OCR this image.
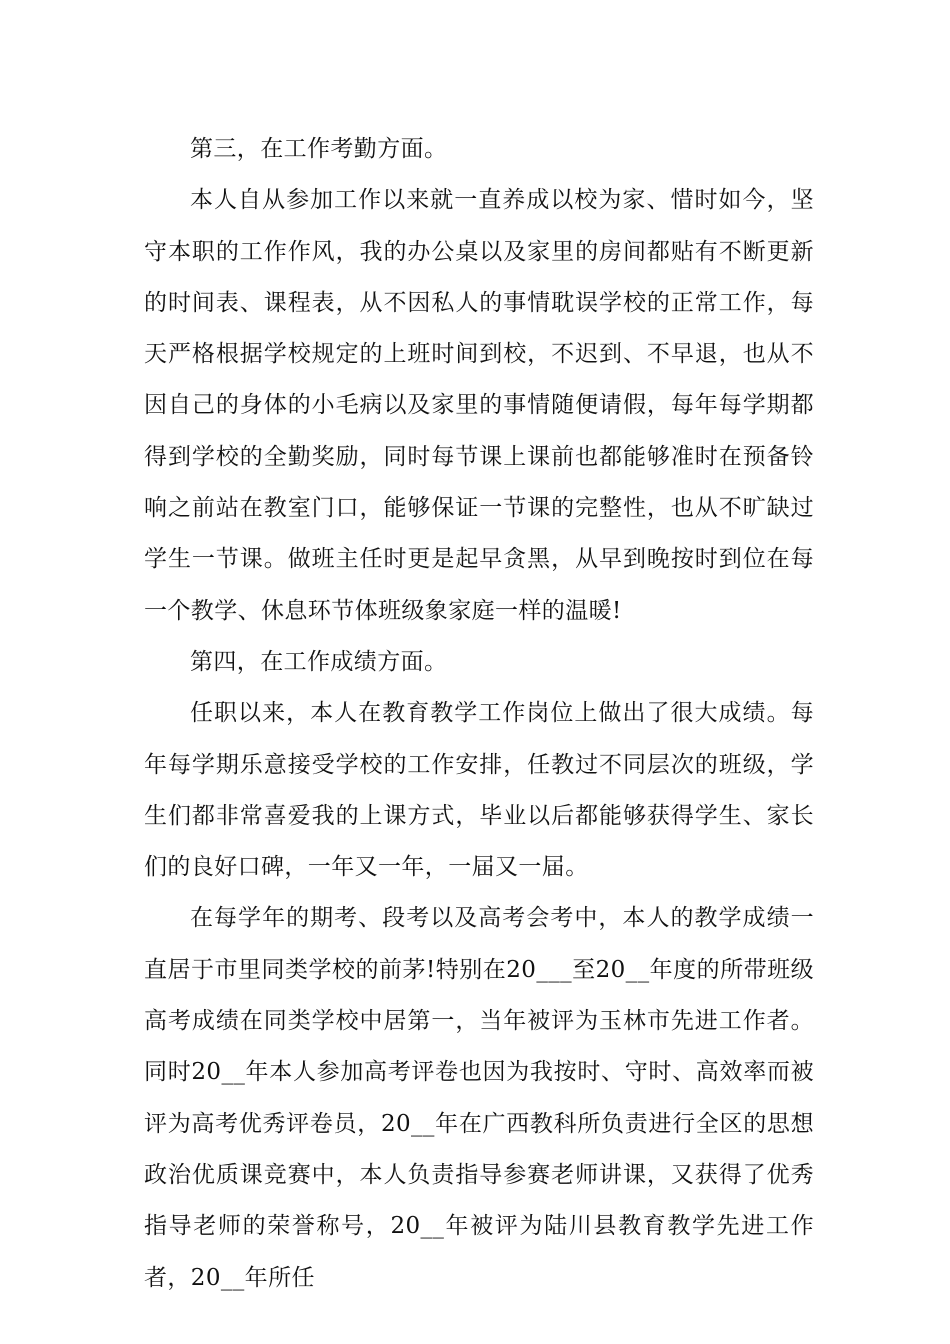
第三，在工作考勤方面。

本人自从参加工作以来就一直养成以校为家、惜时如今，坚守本职的工作作风，我的办公桌以及家里的房间都贴有不断更新的时间表、课程表，从不因私人的事情耽误学校的正常工作，每天严格根据学校规定的上班时间到校，不迟到、不早退，也从不因自己的身体的小毛病以及家里的事情随便请假，每年每学期都得到学校的全勤奖励，同时每节课上课前也都能够准时在预备铃响之前站在教室门口，能够保证一节课的完整性，也从不旷缺过学生一节课。做班主任时更是起早贪黑，从早到晚按时到位在每一个教学、休息环节体班级象家庭一样的温暖!

第四，在工作成绩方面。

任职以来，本人在教育教学工作岗位上做出了很大成绩。每年每学期乐意接受学校的工作安排，任教过不同层次的班级，学生们都非常喜爱我的上课方式，毕业以后都能够获得学生、家长们的良好口碑，一年又一年，一届又一届。

在每学年的期考、段考以及高考会考中，本人的教学成绩一直居于市里同类学校的前茅!特别在20___至20__年度的所带班级高考成绩在同类学校中居第一，当年被评为玉林市先进工作者。同时20__年本人参加高考评卷也因为我按时、守时、高效率而被评为高考优秀评卷员，20__年在广西教科所负责进行全区的思想政治优质课竞赛中，本人负责指导参赛老师讲课，又获得了优秀指导老师的荣誉称号，20__年被评为陆川县教育教学先进工作者，20__年所任
